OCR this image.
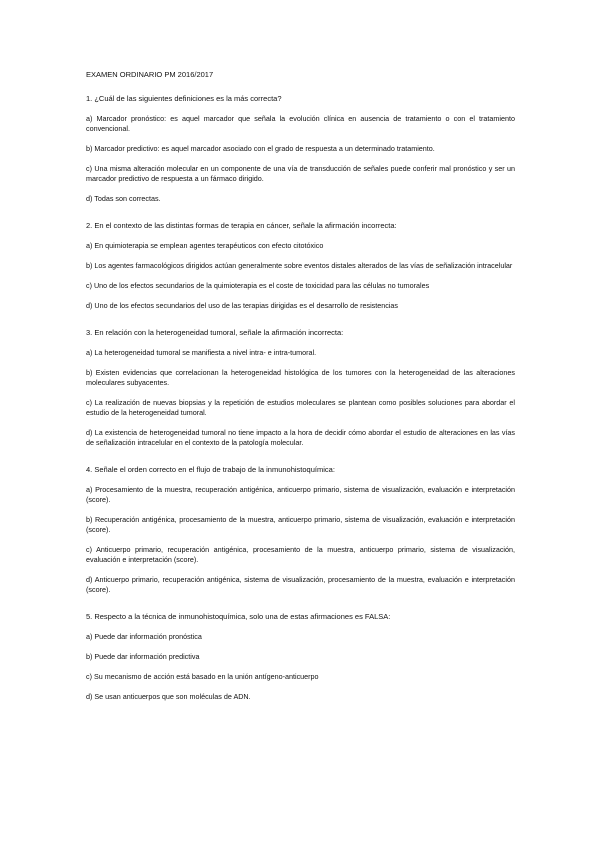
EXAMEN ORDINARIO PM 2016/2017
1. ¿Cuál de las siguientes definiciones es la más correcta?
a) Marcador pronóstico: es aquel marcador que señala la evolución clínica en ausencia de tratamiento o con el tratamiento convencional.
b) Marcador predictivo: es aquel marcador asociado con el grado de respuesta a un determinado tratamiento.
c) Una misma alteración molecular en un componente de una vía de transducción de señales puede conferir mal pronóstico y ser un marcador predictivo de respuesta a un fármaco dirigido.
d) Todas son correctas.
2. En el contexto de las distintas formas de terapia en cáncer, señale la afirmación incorrecta:
a) En quimioterapia se emplean agentes terapéuticos con efecto citotóxico
b) Los agentes farmacológicos dirigidos actúan generalmente sobre eventos distales alterados de las vías de señalización intracelular
c) Uno de los efectos secundarios de la quimioterapia es el coste de toxicidad para las células no tumorales
d) Uno de los efectos secundarios del uso de las terapias dirigidas es el desarrollo de resistencias
3. En relación con la heterogeneidad tumoral, señale la afirmación incorrecta:
a) La heterogeneidad tumoral se manifiesta a nivel intra- e intra-tumoral.
b) Existen evidencias que correlacionan la heterogeneidad histológica de los tumores con la heterogeneidad de las alteraciones moleculares subyacentes.
c) La realización de nuevas biopsias y la repetición de estudios moleculares se plantean como posibles soluciones para abordar el estudio de la heterogeneidad tumoral.
d) La existencia de heterogeneidad tumoral no tiene impacto a la hora de decidir cómo abordar el estudio de alteraciones en las vías de señalización intracelular en el contexto de la patología molecular.
4. Señale el orden correcto en el flujo de trabajo de la inmunohistoquímica:
a) Procesamiento de la muestra, recuperación antigénica, anticuerpo primario, sistema de visualización, evaluación e interpretación (score).
b) Recuperación antigénica, procesamiento de la muestra, anticuerpo primario, sistema de visualización, evaluación e interpretación (score).
c) Anticuerpo primario, recuperación antigénica, procesamiento de la muestra, anticuerpo primario, sistema de visualización, evaluación e interpretación (score).
d) Anticuerpo primario, recuperación antigénica, sistema de visualización, procesamiento de la muestra, evaluación e interpretación (score).
5. Respecto a la técnica de inmunohistoquímica, solo una de estas afirmaciones es FALSA:
a) Puede dar información pronóstica
b) Puede dar información predictiva
c) Su mecanismo de acción está basado en la unión antígeno-anticuerpo
d) Se usan anticuerpos que son moléculas de ADN.
